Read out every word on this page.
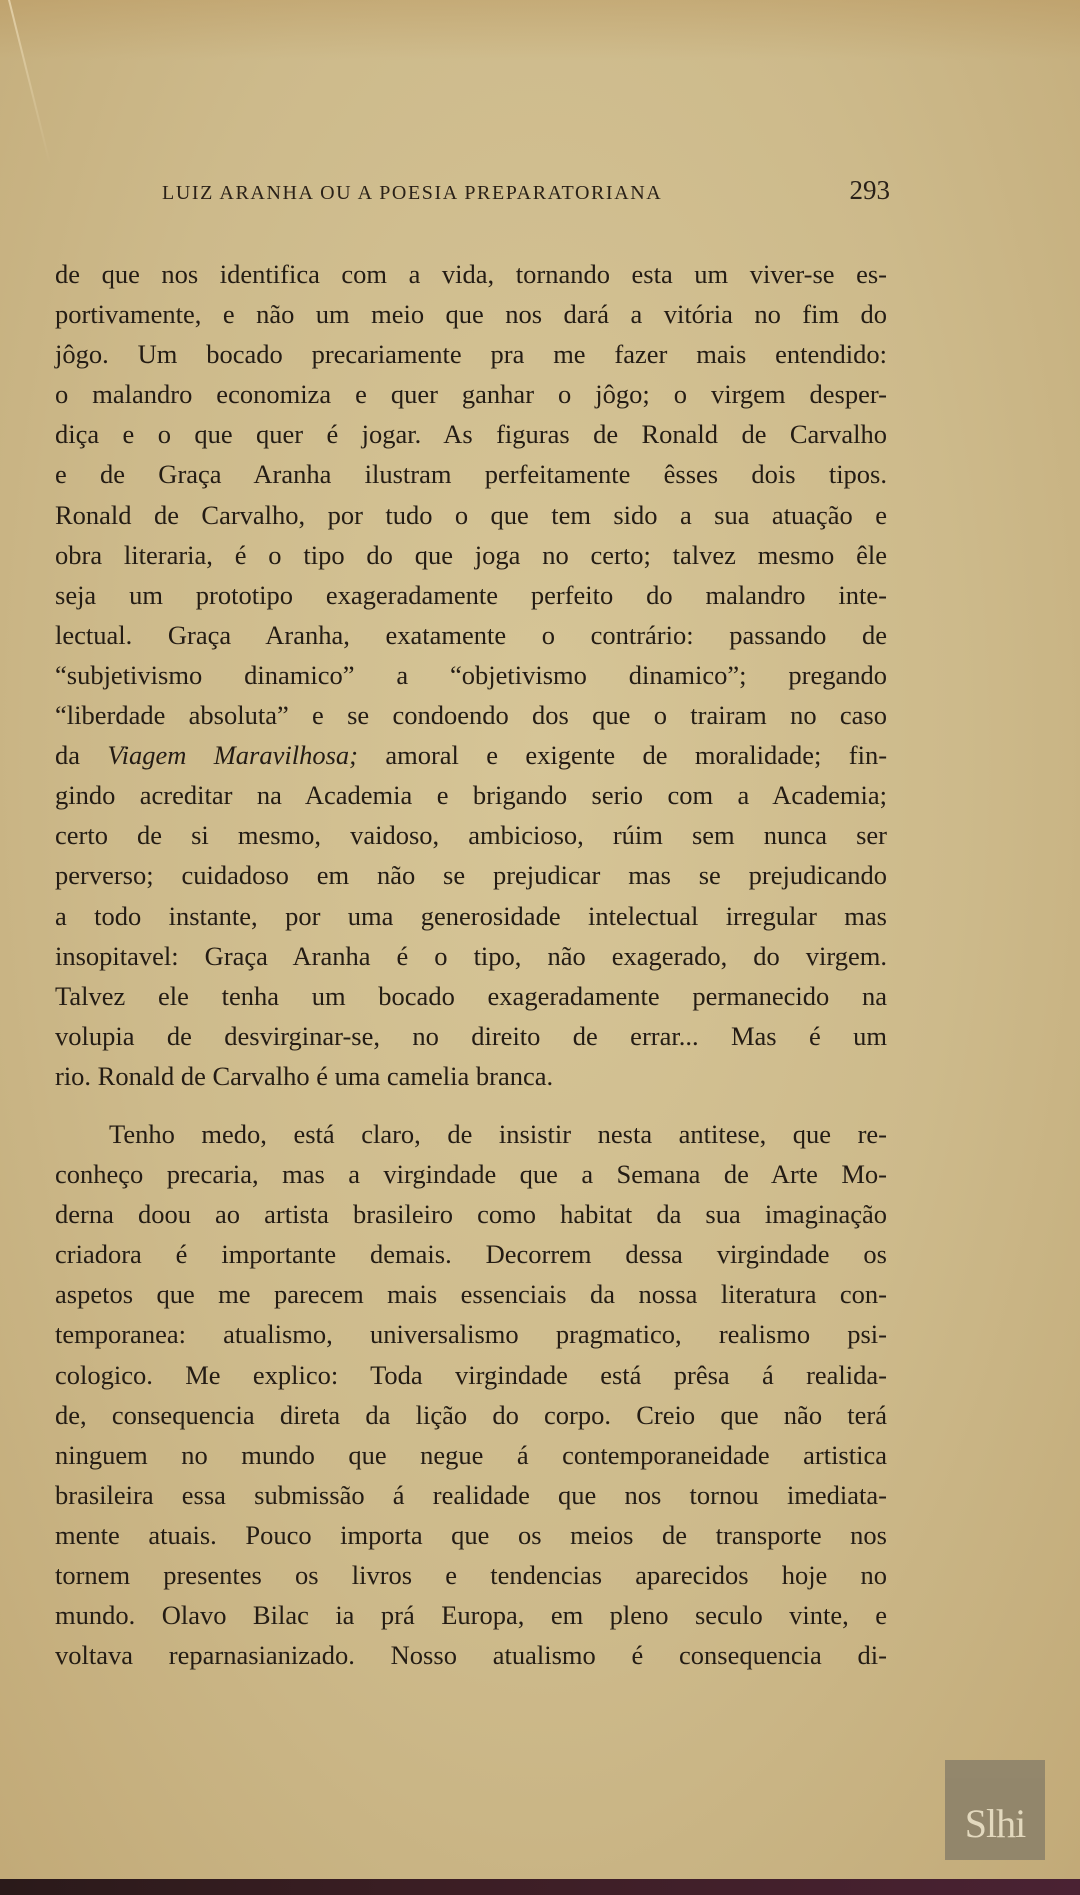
LUIZ ARANHA OU A POESIA PREPARATORIANA	293
de que nos identifica com a vida, tornando esta um viver-se es-
portivamente, e não um meio que nos dará a vitória no fim do
jôgo. Um bocado precariamente pra me fazer mais entendido:
o malandro economiza e quer ganhar o jôgo; o virgem desper-
diça e o que quer é jogar. As figuras de Ronald de Carvalho
e de Graça Aranha ilustram perfeitamente êsses dois tipos.
Ronald de Carvalho, por tudo o que tem sido a sua atuação e
obra literaria, é o tipo do que joga no certo; talvez mesmo êle
seja um prototipo exageradamente perfeito do malandro inte-
lectual. Graça Aranha, exatamente o contrário: passando de
“subjetivismo dinamico” a “objetivismo dinamico”; pregando
“liberdade absoluta” e se condoendo dos que o trairam no caso
da Viagem Maravilhosa; amoral e exigente de moralidade; fin-
gindo acreditar na Academia e brigando serio com a Academia;
certo de si mesmo, vaidoso, ambicioso, rúim sem nunca ser
perverso; cuidadoso em não se prejudicar mas se prejudicando
a todo instante, por uma generosidade intelectual irregular mas
insopitavel: Graça Aranha é o tipo, não exagerado, do virgem.
Talvez ele tenha um bocado exageradamente permanecido na
volupia de desvirginar-se, no direito de errar... Mas é um
rio. Ronald de Carvalho é uma camelia branca.
Tenho medo, está claro, de insistir nesta antitese, que re-
conheço precaria, mas a virgindade que a Semana de Arte Mo-
derna doou ao artista brasileiro como habitat da sua imaginação
criadora é importante demais. Decorrem dessa virgindade os
aspetos que me parecem mais essenciais da nossa literatura con-
temporanea: atualismo, universalismo pragmatico, realismo psi-
cologico. Me explico: Toda virgindade está prêsa á realida-
de, consequencia direta da lição do corpo. Creio que não terá
ninguem no mundo que negue á contemporaneidade artistica
brasileira essa submissão á realidade que nos tornou imediata-
mente atuais. Pouco importa que os meios de transporte nos
tornem presentes os livros e tendencias aparecidos hoje no
mundo. Olavo Bilac ia prá Europa, em pleno seculo vinte, e
voltava reparnasianizado. Nosso atualismo é consequencia di-
Slhi
